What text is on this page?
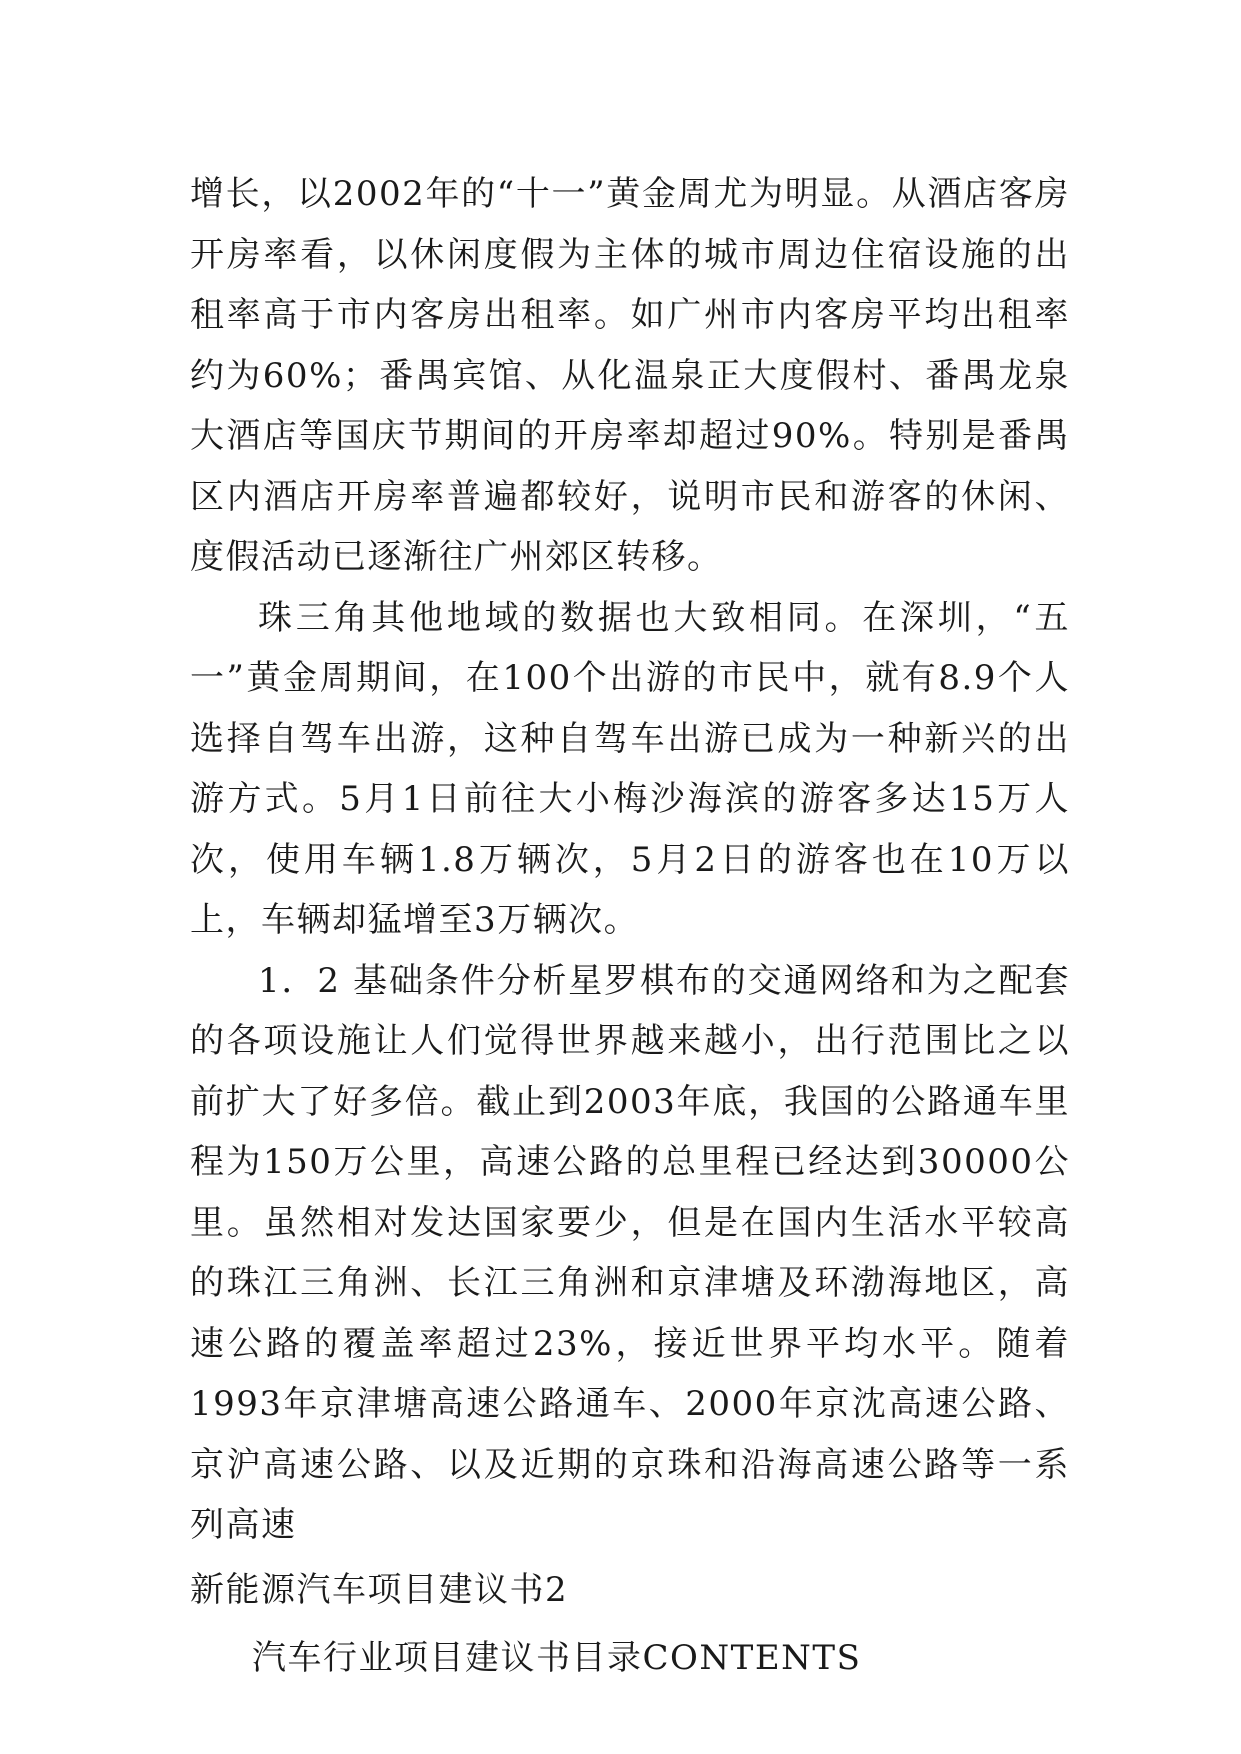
增长，以2002年的“十一”黄金周尤为明显。从酒店客房开房率看，以休闲度假为主体的城市周边住宿设施的出租率高于市内客房出租率。如广州市内客房平均出租率约为60%；番禺宾馆、从化温泉正大度假村、番禺龙泉大酒店等国庆节期间的开房率却超过90%。特别是番禺区内酒店开房率普遍都较好，说明市民和游客的休闲、度假活动已逐渐往广州郊区转移。

珠三角其他地域的数据也大致相同。在深圳，“五一”黄金周期间，在100个出游的市民中，就有8.9个人选择自驾车出游，这种自驾车出游已成为一种新兴的出游方式。5月1日前往大小梅沙海滨的游客多达15万人次，使用车辆1.8万辆次，5月2日的游客也在10万以上，车辆却猛增至3万辆次。

1．2 基础条件分析星罗棋布的交通网络和为之配套的各项设施让人们觉得世界越来越小，出行范围比之以前扩大了好多倍。截止到2003年底，我国的公路通车里程为150万公里，高速公路的总里程已经达到30000公里。虽然相对发达国家要少，但是在国内生活水平较高的珠江三角洲、长江三角洲和京津塘及环渤海地区，高速公路的覆盖率超过23%，接近世界平均水平。随着 1993年京津塘高速公路通车、2000年京沈高速公路、京沪高速公路、以及近期的京珠和沿海高速公路等一系列高速

新能源汽车项目建议书2

汽车行业项目建议书目录CONTENTS
